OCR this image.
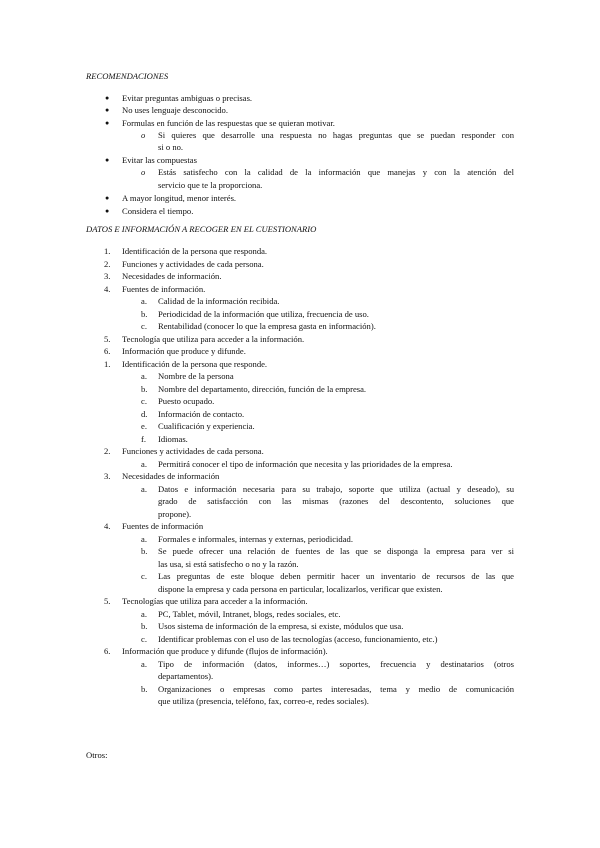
RECOMENDACIONES
● Evitar preguntas ambiguas o precisas.
● No uses lenguaje desconocido.
● Formulas en función de las respuestas que se quieran motivar.
o Si quieres que desarrolle una respuesta no hagas preguntas que se puedan responder con
si o no.
● Evitar las compuestas
o Estás satisfecho con la calidad de la información que manejas y con la atención del
servicio que te la proporciona.
● A mayor longitud, menor interés.
● Considera el tiempo.
DATOS E INFORMACIÓN A RECOGER EN EL CUESTIONARIO
1. Identificación de la persona que responda.
2. Funciones y actividades de cada persona.
3. Necesidades de información.
4. Fuentes de información.
a. Calidad de la información recibida.
b. Periodicidad de la información que utiliza, frecuencia de uso.
c. Rentabilidad (conocer lo que la empresa gasta en información).
5. Tecnología que utiliza para acceder a la información.
6. Información que produce y difunde.
1. Identificación de la persona que responde.
a. Nombre de la persona
b. Nombre del departamento, dirección, función de la empresa.
c. Puesto ocupado.
d. Información de contacto.
e. Cualificación y experiencia.
f. Idiomas.
2. Funciones y actividades de cada persona.
a. Permitirá conocer el tipo de información que necesita y las prioridades de la empresa.
3. Necesidades de información
a. Datos e información necesaria para su trabajo, soporte que utiliza (actual y deseado), su
grado de satisfacción con las mismas (razones del descontento, soluciones que
propone).
4. Fuentes de información
a. Formales e informales, internas y externas, periodicidad.
b. Se puede ofrecer una relación de fuentes de las que se disponga la empresa para ver si
las usa, si está satisfecho o no y la razón.
c. Las preguntas de este bloque deben permitir hacer un inventario de recursos de las que
dispone la empresa y cada persona en particular, localizarlos, verificar que existen.
5. Tecnologías que utiliza para acceder a la información.
a. PC, Tablet, móvil, Intranet, blogs, redes sociales, etc.
b. Usos sistema de información de la empresa, si existe, módulos que usa.
c. Identificar problemas con el uso de las tecnologías (acceso, funcionamiento, etc.)
6. Información que produce y difunde (flujos de información).
a. Tipo de información (datos, informes…) soportes, frecuencia y destinatarios (otros
departamentos).
b. Organizaciones o empresas como partes interesadas, tema y medio de comunicación
que utiliza (presencia, teléfono, fax, correo-e, redes sociales).
Otros:
